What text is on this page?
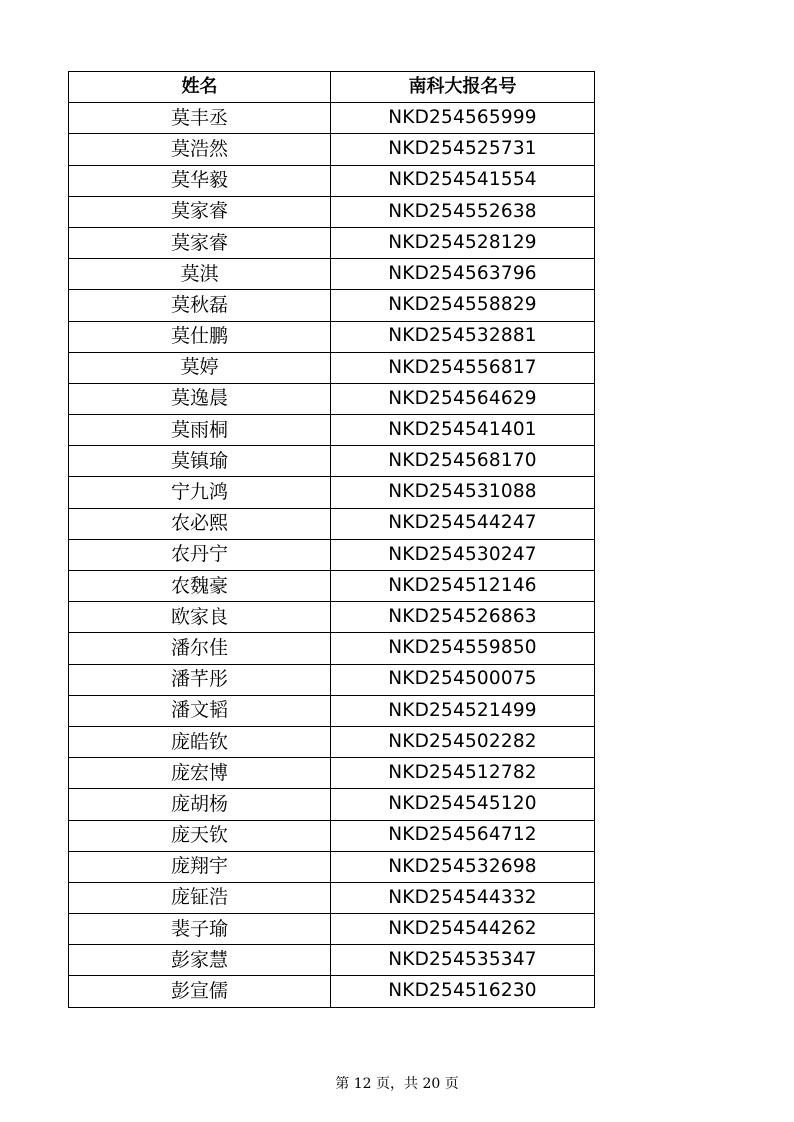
姓名	南科大报名号
莫丰丞	NKD254565999
莫浩然	NKD254525731
莫华毅	NKD254541554
莫家睿	NKD254552638
莫家睿	NKD254528129
莫淇	NKD254563796
莫秋磊	NKD254558829
莫仕鹏	NKD254532881
莫婷	NKD254556817
莫逸晨	NKD254564629
莫雨桐	NKD254541401
莫镇瑜	NKD254568170
宁九鸿	NKD254531088
农必熙	NKD254544247
农丹宁	NKD254530247
农魏豪	NKD254512146
欧家良	NKD254526863
潘尔佳	NKD254559850
潘芊彤	NKD254500075
潘文韬	NKD254521499
庞皓钦	NKD254502282
庞宏博	NKD254512782
庞胡杨	NKD254545120
庞天钦	NKD254564712
庞翔宇	NKD254532698
庞钲浩	NKD254544332
裴子瑜	NKD254544262
彭家慧	NKD254535347
彭宣儒	NKD254516230
第 12 页，共 20 页
